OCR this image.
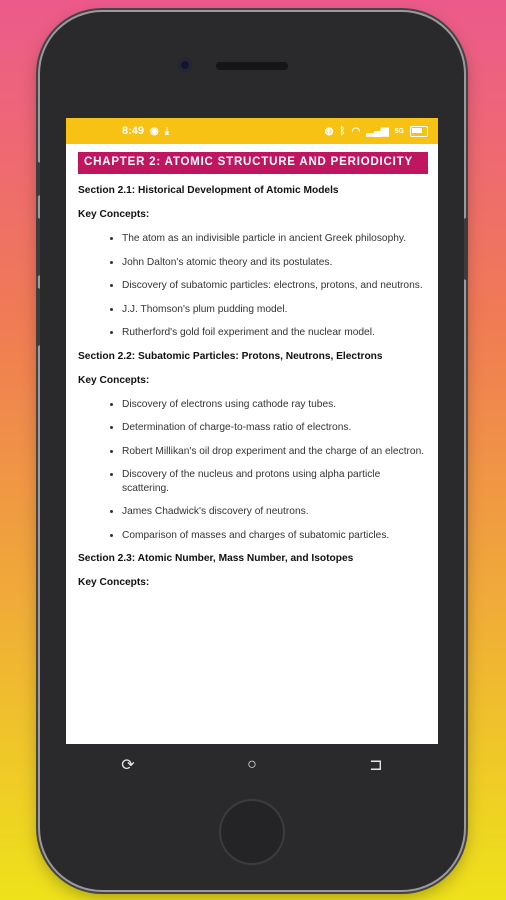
8:49 ◉ ⤓	◍ ᛒ ◠ ▂▄▆ 5G
CHAPTER 2: ATOMIC STRUCTURE AND PERIODICITY
Section 2.1: Historical Development of Atomic Models
Key Concepts:
• The atom as an indivisible particle in ancient Greek philosophy.
• John Dalton's atomic theory and its postulates.
• Discovery of subatomic particles: electrons, protons, and neutrons.
• J.J. Thomson's plum pudding model.
• Rutherford's gold foil experiment and the nuclear model.
Section 2.2: Subatomic Particles: Protons, Neutrons, Electrons
Key Concepts:
• Discovery of electrons using cathode ray tubes.
• Determination of charge-to-mass ratio of electrons.
• Robert Millikan's oil drop experiment and the charge of an electron.
• Discovery of the nucleus and protons using alpha particle scattering.
• James Chadwick's discovery of neutrons.
• Comparison of masses and charges of subatomic particles.
Section 2.3: Atomic Number, Mass Number, and Isotopes
Key Concepts:
⟳	○	⊐
